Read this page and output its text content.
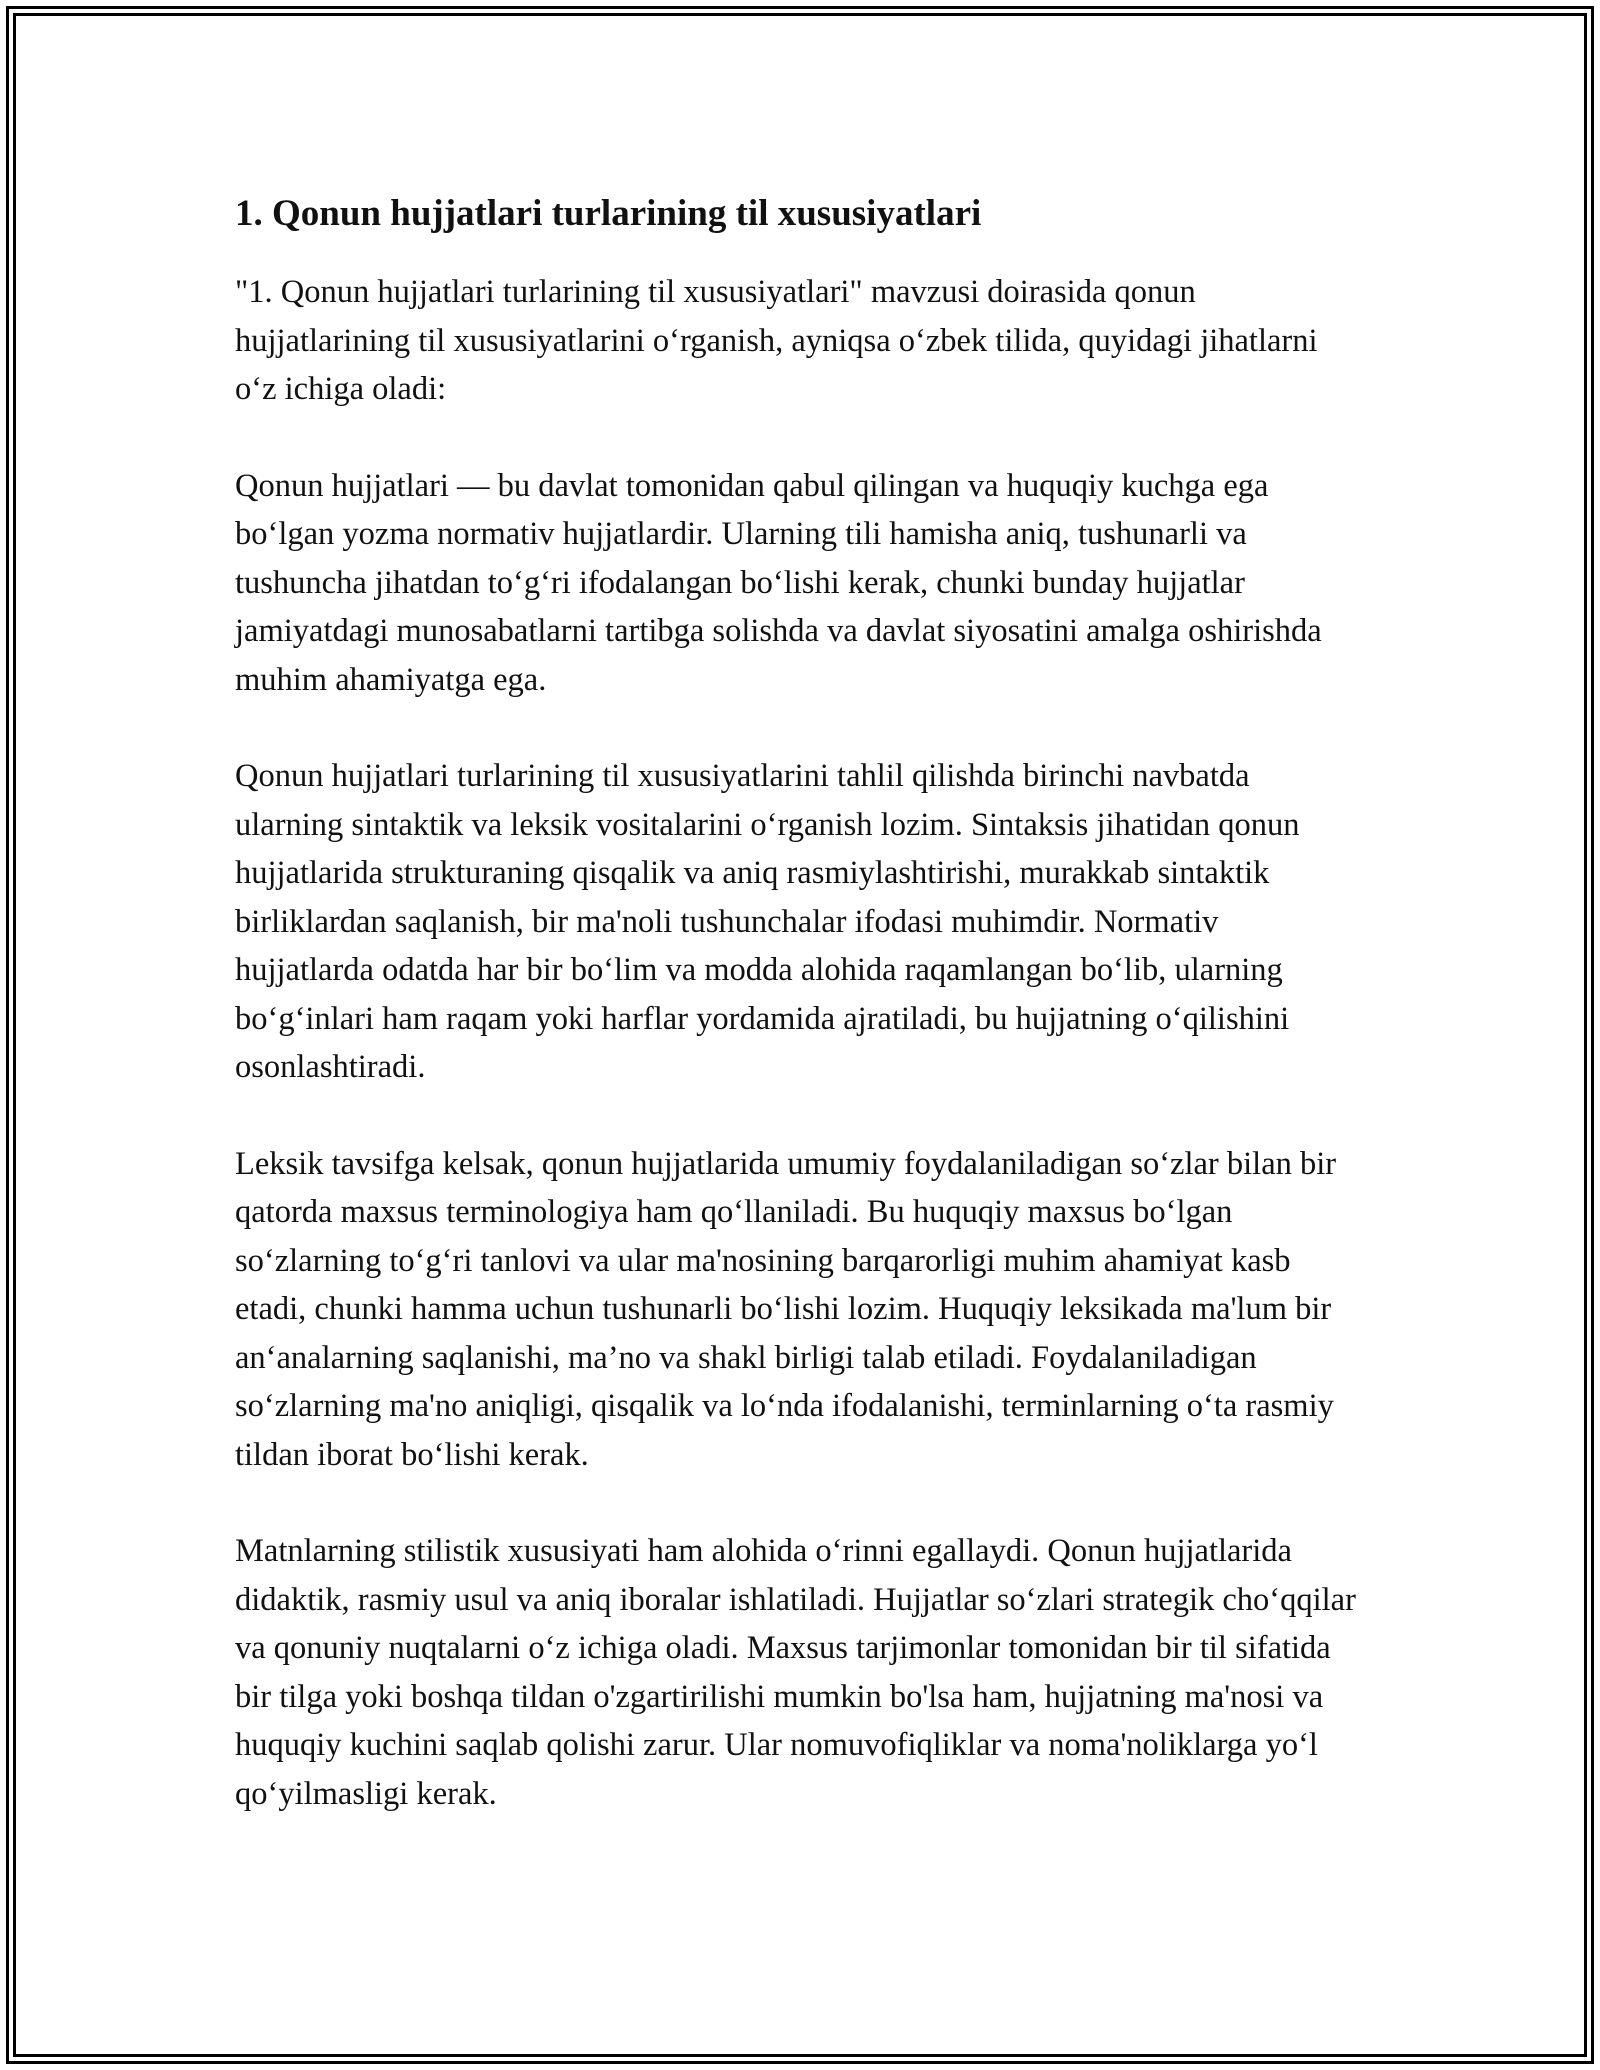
1. Qonun hujjatlari turlarining til xususiyatlari

"1. Qonun hujjatlari turlarining til xususiyatlari" mavzusi doirasida qonun hujjatlarining til xususiyatlarini oʻrganish, ayniqsa oʻzbek tilida, quyidagi jihatlarni oʻz ichiga oladi:

Qonun hujjatlari — bu davlat tomonidan qabul qilingan va huquqiy kuchga ega boʻlgan yozma normativ hujjatlardir. Ularning tili hamisha aniq, tushunarli va tushuncha jihatdan toʻgʻri ifodalangan boʻlishi kerak, chunki bunday hujjatlar jamiyatdagi munosabatlarni tartibga solishda va davlat siyosatini amalga oshirishda muhim ahamiyatga ega.

Qonun hujjatlari turlarining til xususiyatlarini tahlil qilishda birinchi navbatda ularning sintaktik va leksik vositalarini oʻrganish lozim. Sintaksis jihatidan qonun hujjatlarida strukturaning qisqalik va aniq rasmiylashtirishi, murakkab sintaktik birliklardan saqlanish, bir ma'noli tushunchalar ifodasi muhimdir. Normativ hujjatlarda odatda har bir boʻlim va modda alohida raqamlangan boʻlib, ularning boʻgʻinlari ham raqam yoki harflar yordamida ajratiladi, bu hujjatning oʻqilishini osonlashtiradi.

Leksik tavsifga kelsak, qonun hujjatlarida umumiy foydalaniladigan soʻzlar bilan bir qatorda maxsus terminologiya ham qoʻllaniladi. Bu huquqiy maxsus boʻlgan soʻzlarning toʻgʻri tanlovi va ular ma'nosining barqarorligi muhim ahamiyat kasb etadi, chunki hamma uchun tushunarli boʻlishi lozim. Huquqiy leksikada ma'lum bir anʻanalarning saqlanishi, ma’no va shakl birligi talab etiladi. Foydalaniladigan soʻzlarning ma'no aniqligi, qisqalik va loʻnda ifodalanishi, terminlarning oʻta rasmiy tildan iborat boʻlishi kerak.

Matnlarning stilistik xususiyati ham alohida oʻrinni egallaydi. Qonun hujjatlarida didaktik, rasmiy usul va aniq iboralar ishlatiladi. Hujjatlar soʻzlari strategik choʻqqilar va qonuniy nuqtalarni oʻz ichiga oladi. Maxsus tarjimonlar tomonidan bir til sifatida bir tilga yoki boshqa tildan o'zgartirilishi mumkin bo'lsa ham, hujjatning ma'nosi va huquqiy kuchini saqlab qolishi zarur. Ular nomuvofiqliklar va noma'noliklarga yoʻl qoʻyilmasligi kerak.
